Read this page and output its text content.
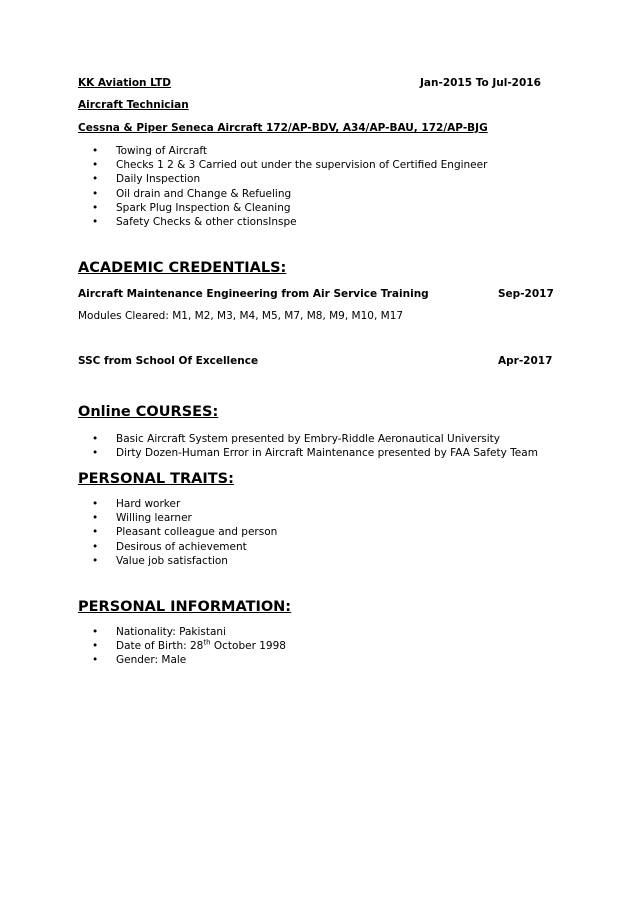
KK Aviation LTD	Jan-2015 To Jul-2016
Aircraft Technician
Cessna & Piper Seneca Aircraft 172/AP-BDV, A34/AP-BAU, 172/AP-BJG
• Towing of Aircraft
• Checks 1 2 & 3 Carried out under the supervision of Certified Engineer
• Daily Inspection
• Oil drain and Change & Refueling
• Spark Plug Inspection & Cleaning
• Safety Checks & other ctionsInspe
ACADEMIC CREDENTIALS:
Aircraft Maintenance Engineering from Air Service Training	Sep-2017
Modules Cleared: M1, M2, M3, M4, M5, M7, M8, M9, M10, M17
SSC from School Of Excellence	Apr-2017
Online COURSES:
• Basic Aircraft System presented by Embry-Riddle Aeronautical University
• Dirty Dozen-Human Error in Aircraft Maintenance presented by FAA Safety Team
PERSONAL TRAITS:
• Hard worker
• Willing learner
• Pleasant colleague and person
• Desirous of achievement
• Value job satisfaction
PERSONAL INFORMATION:
• Nationality: Pakistani
• Date of Birth: 28th October 1998
• Gender: Male
